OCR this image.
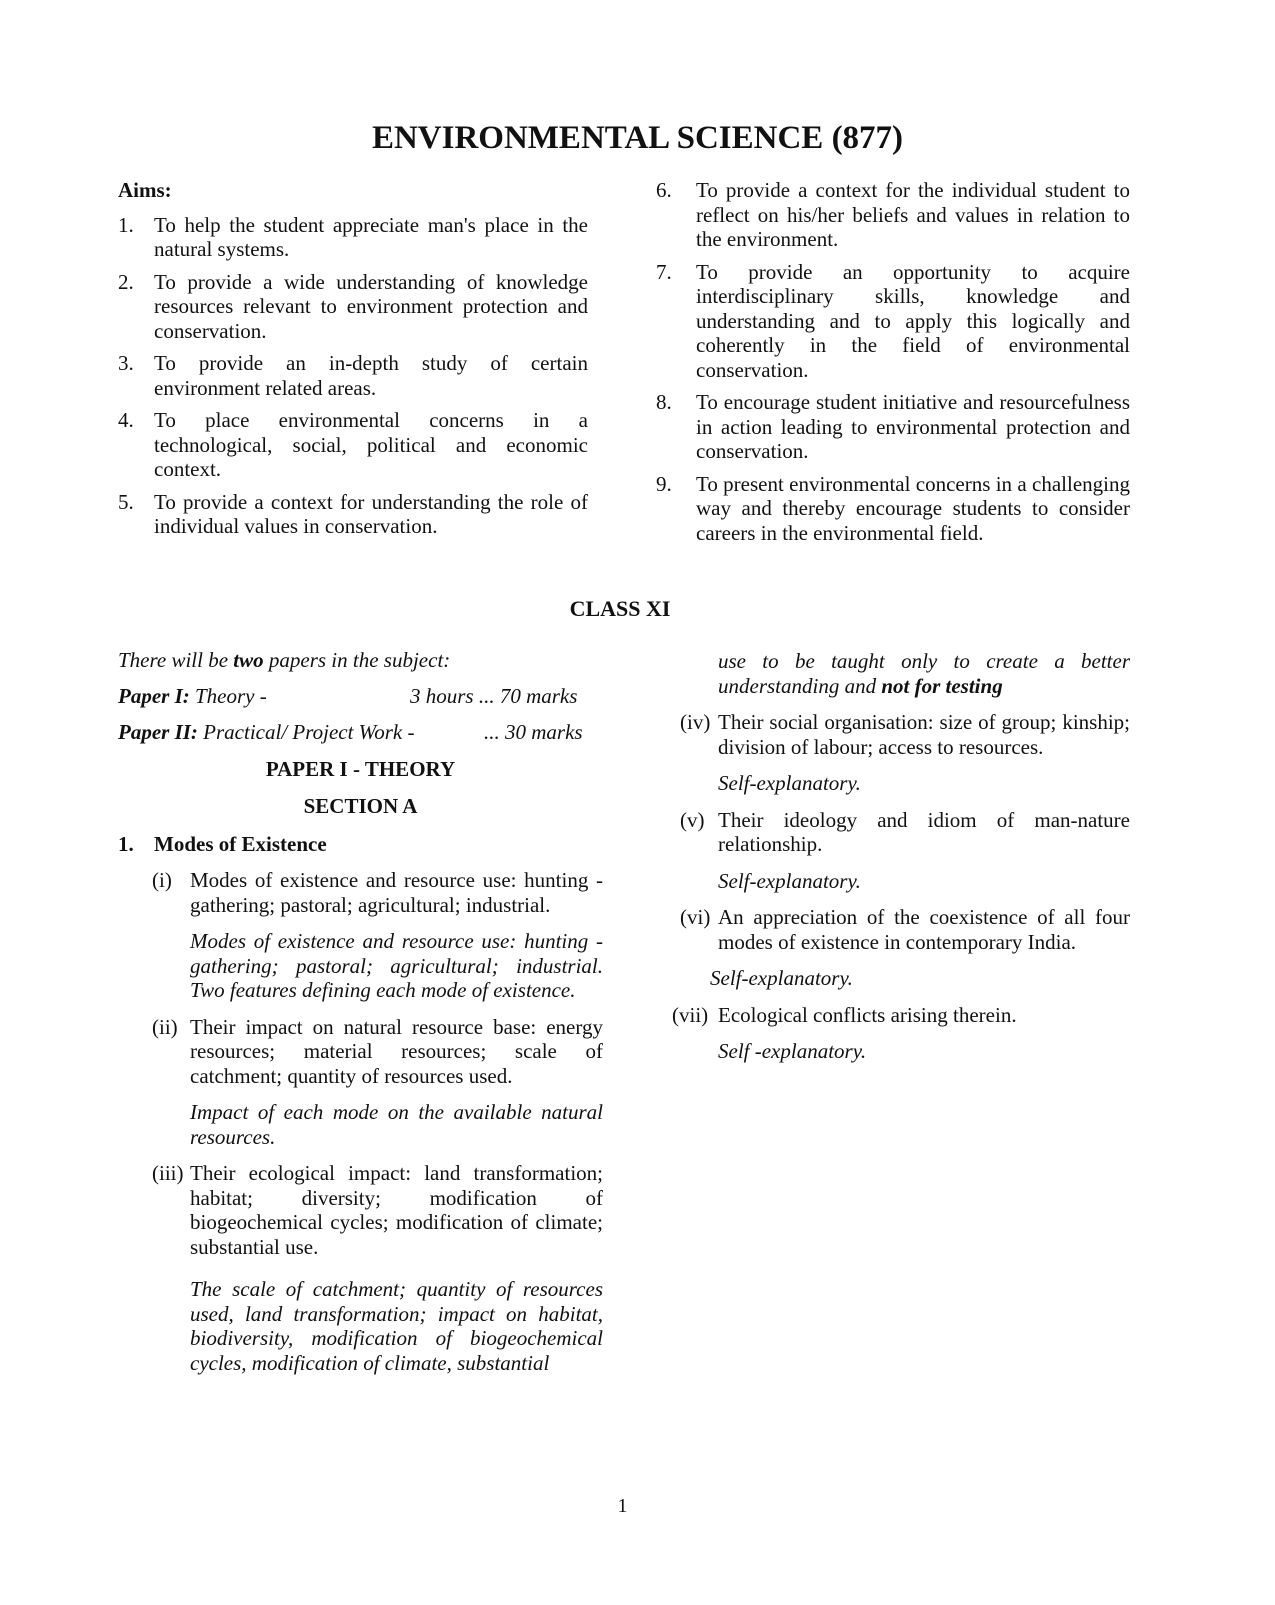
ENVIRONMENTAL SCIENCE (877)
Aims:
1. To help the student appreciate man's place in the natural systems.
2. To provide a wide understanding of knowledge resources relevant to environment protection and conservation.
3. To provide an in-depth study of certain environment related areas.
4. To place environmental concerns in a technological, social, political and economic context.
5. To provide a context for understanding the role of individual values in conservation.
6.	To provide a context for the individual student to reflect on his/her beliefs and values in relation to the environment.
7.	To provide an opportunity to acquire interdisciplinary skills, knowledge and understanding and to apply this logically and coherently in the field of environmental conservation.
8.	To encourage student initiative and resourcefulness in action leading to environmental protection and conservation.
9.	To present environmental concerns in a challenging way and thereby encourage students to consider careers in the environmental field.
CLASS XI
There will be two papers in the subject:
Paper I: Theory -	3 hours ... 70 marks
Paper II: Practical/ Project Work -	... 30 marks
PAPER I - THEORY
SECTION A
1. Modes of Existence
(i) Modes of existence and resource use: hunting - gathering; pastoral; agricultural; industrial.
Modes of existence and resource use: hunting - gathering; pastoral; agricultural; industrial. Two features defining each mode of existence.
(ii) Their impact on natural resource base: energy resources; material resources; scale of catchment; quantity of resources used.
Impact of each mode on the available natural resources.
(iii) Their ecological impact: land transformation; habitat; diversity; modification of biogeochemical cycles; modification of climate; substantial use.
The scale of catchment; quantity of resources used, land transformation; impact on habitat, biodiversity, modification of biogeochemical cycles, modification of climate, substantial
use to be taught only to create a better understanding and not for testing
(iv) Their social organisation: size of group; kinship; division of labour; access to resources.
Self-explanatory.
(v) Their ideology and idiom of man-nature relationship.
Self-explanatory.
(vi) An appreciation of the coexistence of all four modes of existence in contemporary India.
Self-explanatory.
(vii) Ecological conflicts arising therein.
Self -explanatory.
1
